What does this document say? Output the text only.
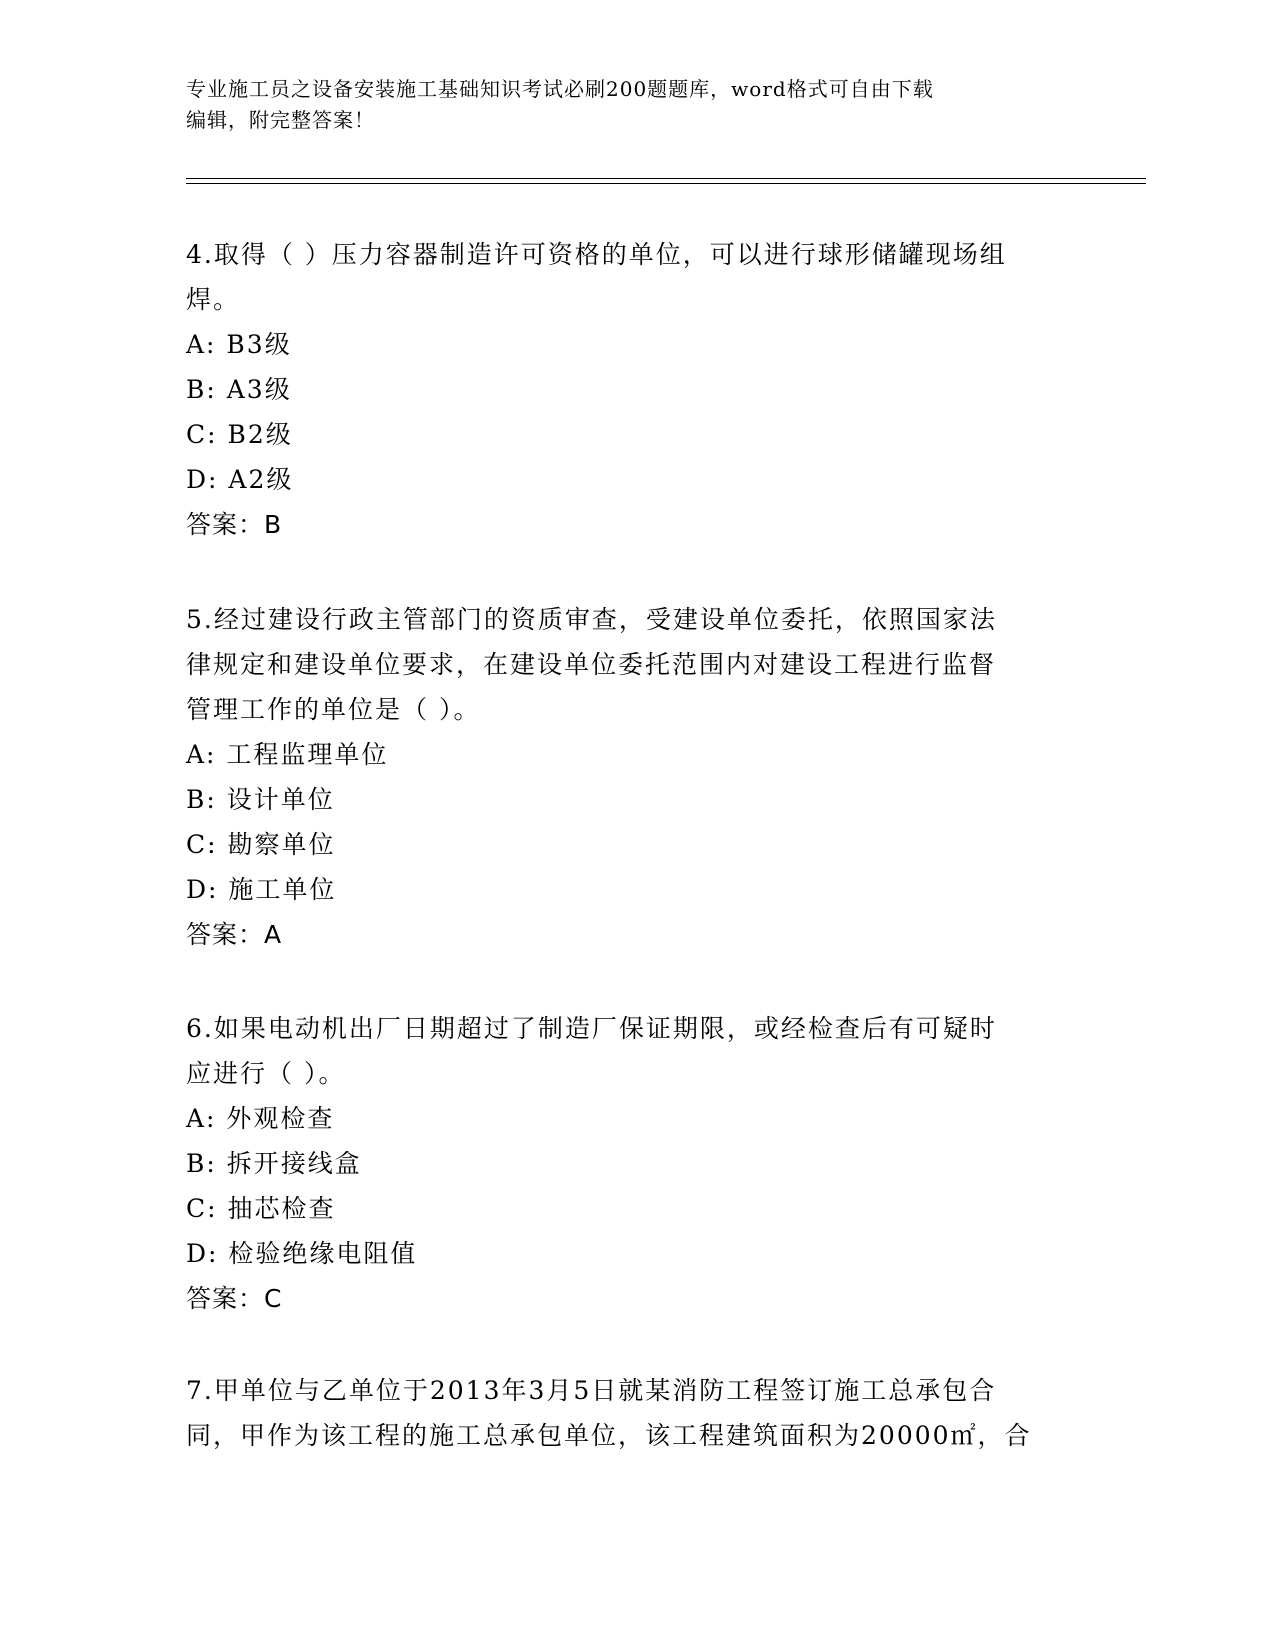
专业施工员之设备安装施工基础知识考试必刷200题题库，word格式可自由下载
编辑，附完整答案！
4.取得（ ）压力容器制造许可资格的单位，可以进行球形储罐现场组
焊。
A: B3级
B: A3级
C: B2级
D: A2级
答案：B
5.经过建设行政主管部门的资质审查，受建设单位委托，依照国家法
律规定和建设单位要求，在建设单位委托范围内对建设工程进行监督
管理工作的单位是（ ）。
A: 工程监理单位
B: 设计单位
C: 勘察单位
D: 施工单位
答案：A
6.如果电动机出厂日期超过了制造厂保证期限，或经检查后有可疑时
应进行（ ）。
A: 外观检查
B: 拆开接线盒
C: 抽芯检查
D: 检验绝缘电阻值
答案：C
7.甲单位与乙单位于2013年3月5日就某消防工程签订施工总承包合
同，甲作为该工程的施工总承包单位，该工程建筑面积为20000㎡，合
